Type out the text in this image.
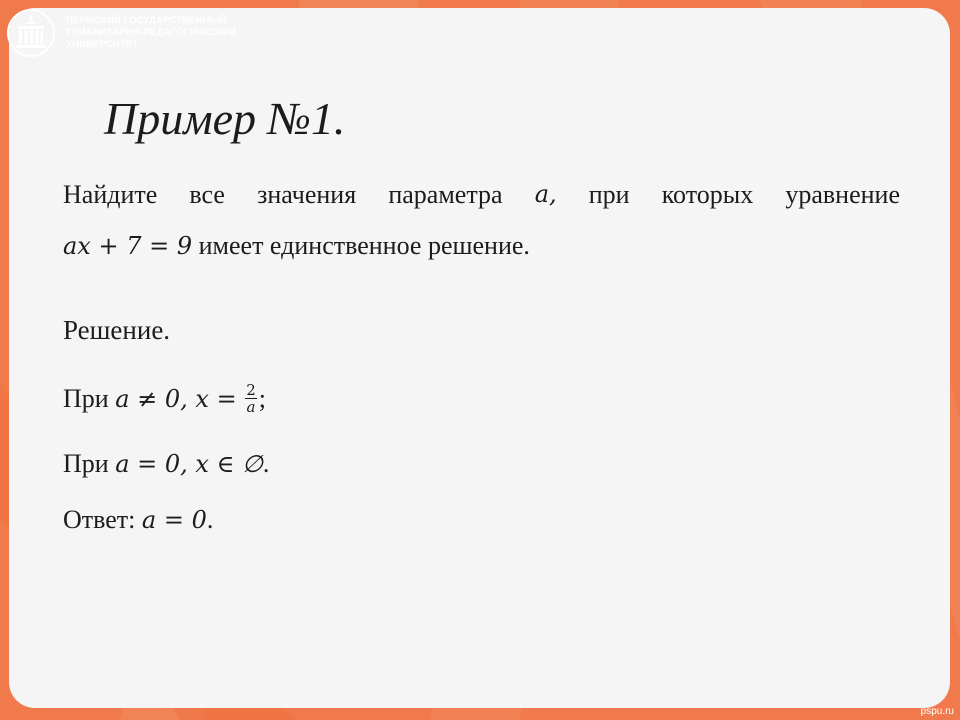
ПЕРМСКИЙ ГОСУДАРСТВЕННЫЙ
ГУМАНИТАРНО-ПЕДАГОГИЧЕСКИЙ
УНИВЕРСИТЕТ
Пример №1.
Найдите все значения параметра a, при которых уравнение
ax + 7 = 9 имеет единственное решение.
Решение.
При a ≠ 0, $x = \frac{2}{a}$ ;
При a = 0, x ∈ ∅.
Ответ: a = 0.
pspu.ru
